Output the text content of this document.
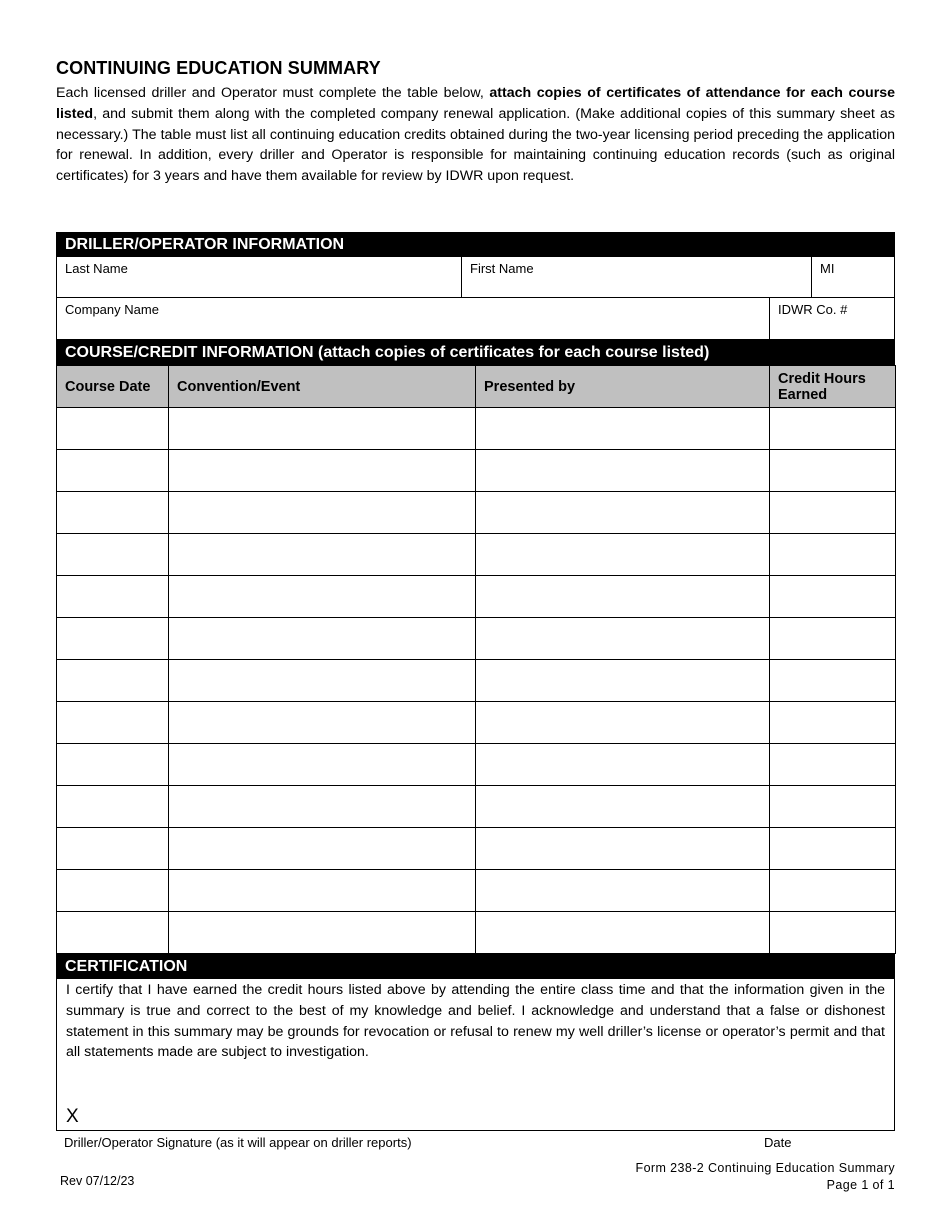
CONTINUING EDUCATION SUMMARY

Each licensed driller and Operator must complete the table below, attach copies of certificates of attendance for each course listed, and submit them along with the completed company renewal application. (Make additional copies of this summary sheet as necessary.) The table must list all continuing education credits obtained during the two-year licensing period preceding the application for renewal. In addition, every driller and Operator is responsible for maintaining continuing education records (such as original certificates) for 3 years and have them available for review by IDWR upon request.

DRILLER/OPERATOR INFORMATION
Last Name	First Name	MI
Company Name	IDWR Co. #
COURSE/CREDIT INFORMATION (attach copies of certificates for each course listed)
Course Date	Convention/Event	Presented by	Credit Hours Earned

CERTIFICATION

I certify that I have earned the credit hours listed above by attending the entire class time and that the information given in the summary is true and correct to the best of my knowledge and belief. I acknowledge and understand that a false or dishonest statement in this summary may be grounds for revocation or refusal to renew my well driller’s license or operator’s permit and that all statements made are subject to investigation.

X
Driller/Operator Signature (as it will appear on driller reports)	Date
Form 238-2 Continuing Education Summary
Page 1 of 1
Rev 07/12/23
